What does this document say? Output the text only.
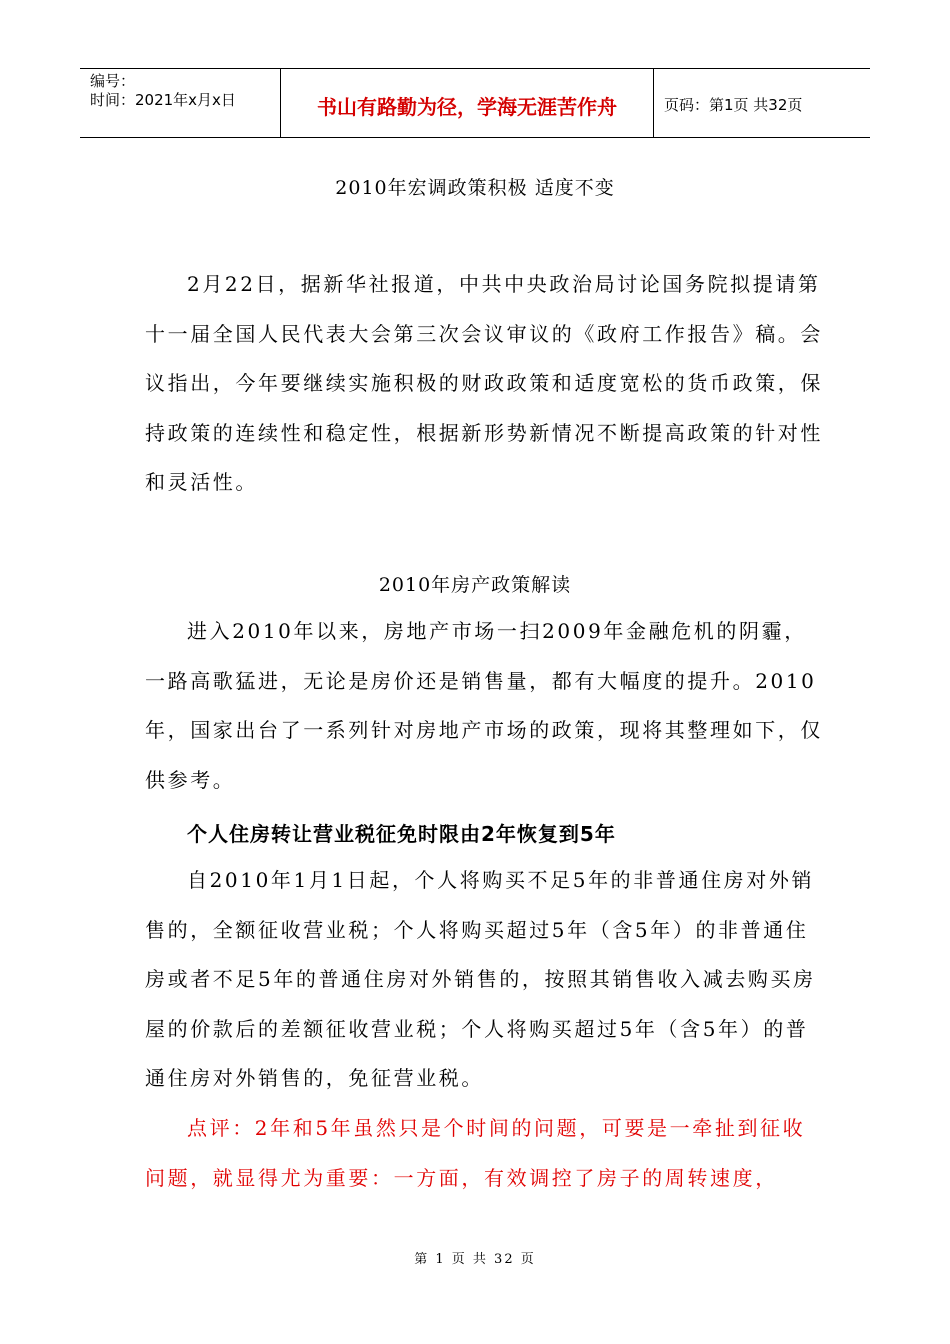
编号：
时间：2021年x月x日	书山有路勤为径，学海无涯苦作舟	页码：第1页 共32页
2010年宏调政策积极 适度不变

2月22日，据新华社报道，中共中央政治局讨论国务院拟提请第十一届全国人民代表大会第三次会议审议的《政府工作报告》稿。会议指出，今年要继续实施积极的财政政策和适度宽松的货币政策，保持政策的连续性和稳定性，根据新形势新情况不断提高政策的针对性和灵活性。

2010年房产政策解读

进入2010年以来，房地产市场一扫2009年金融危机的阴霾，一路高歌猛进，无论是房价还是销售量，都有大幅度的提升。2010年，国家出台了一系列针对房地产市场的政策，现将其整理如下，仅供参考。

个人住房转让营业税征免时限由2年恢复到5年

自2010年1月1日起，个人将购买不足5年的非普通住房对外销售的，全额征收营业税；个人将购买超过5年（含5年）的非普通住房或者不足5年的普通住房对外销售的，按照其销售收入减去购买房屋的价款后的差额征收营业税；个人将购买超过5年（含5年）的普通住房对外销售的，免征营业税。

点评：2年和5年虽然只是个时间的问题，可要是一牵扯到征收问题，就显得尤为重要：一方面，有效调控了房子的周转速度，

第 1 页 共 32 页
